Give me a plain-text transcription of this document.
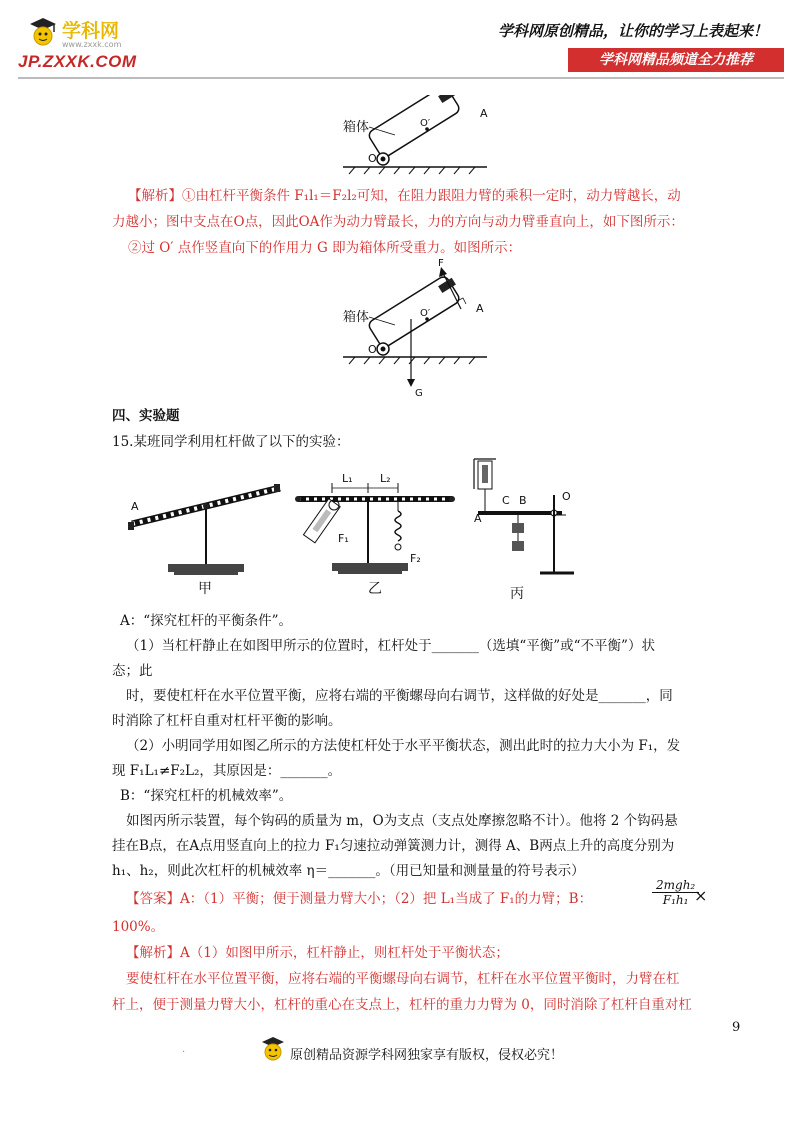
学科网
www.zxxk.com
JP.ZXXK.COM
学科网原创精品，让你的学习上表起来！
学科网精品频道全力推荐
箱体
A
O
O′
【解析】①由杠杆平衡条件 F₁l₁＝F₂l₂可知，在阻力跟阻力臂的乘积一定时，动力臂越长，动
力越小；图中支点在O点，因此OA作为动力臂最长，力的方向与动力臂垂直向上，如下图所示：
②过 O′ 点作竖直向下的作用力 G 即为箱体所受重力。如图所示：
箱体
A
O
O′
F
G
四、实验题
15.某班同学利用杠杆做了以下的实验：
A
甲
L₁ L₂
F₁
F₂
乙
A
C B	O
丙
A：“探究杠杆的平衡条件”。
（1）当杠杆静止在如图甲所示的位置时，杠杆处于_______（选填“平衡”或“不平衡”）状
态；此
时，要使杠杆在水平位置平衡，应将右端的平衡螺母向右调节，这样做的好处是_______，同
时消除了杠杆自重对杠杆平衡的影响。
（2）小明同学用如图乙所示的方法使杠杆处于水平平衡状态，测出此时的拉力大小为 F₁，发
现 F₁L₁≠F₂L₂，其原因是：_______。
B：“探究杠杆的机械效率”。
如图丙所示装置，每个钩码的质量为 m，O为支点（支点处摩擦忽略不计）。他将 2 个钩码悬
挂在B点，在A点用竖直向上的拉力 F₁匀速拉动弹簧测力计，测得 A、B两点上升的高度分别为
h₁、h₂，则此次杠杆的机械效率 η＝_______。（用已知量和测量量的符号表示）
【答案】A：（1）平衡；便于测量力臂大小；（2）把 L₁当成了 F₁的力臂；B：
2mgh₂
F₁h₁ ×
100%。
【解析】A（1）如图甲所示，杠杆静止，则杠杆处于平衡状态；
要使杠杆在水平位置平衡，应将右端的平衡螺母向右调节，杠杆在水平位置平衡时，力臂在杠
杆上，便于测量力臂大小，杠杆的重心在支点上，杠杆的重力力臂为 0，同时消除了杠杆自重对杠
9
.	原创精品资源学科网独家享有版权，侵权必究！
